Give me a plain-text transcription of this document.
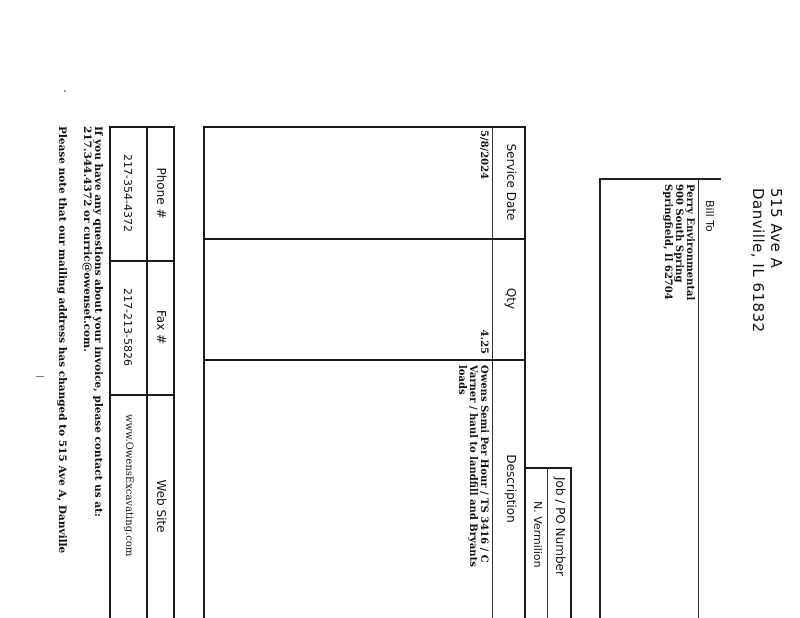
515 Ave A
Danville, IL 61832
Bill To
Perry Environmental
900 South Spring
Springfield, Il 62704
Job / PO Number
N. Vermilion
Service Date
Qty
Description
5/8/2024
4.25
Owens Semi Per Hour / TS 3416 / C
Varner / haul to landfill and Bryants
loads
Phone #
Fax #
Web Site
217-354-4372
217-213-5826
www.OwensExcavating.com
If you have any questions about your invoice, please contact us at:
217.344.4372 or curric@owenset.com.
Please note that our mailing address has changed to 515 Ave A, Danville
